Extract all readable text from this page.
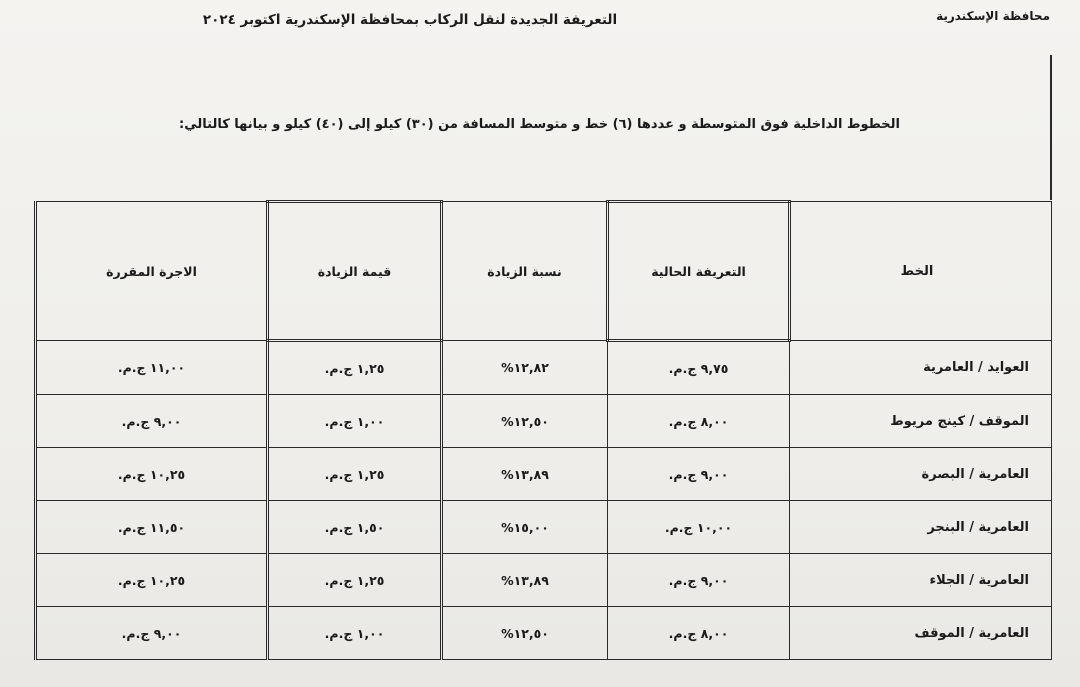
محافظة الإسكندرية
التعريفة الجديدة لنقل الركاب بمحافظة الإسكندرية اكتوبر ٢٠٢٤
الخطوط الداخلية فوق المتوسطة و عددها (٦) خط و متوسط المسافة من (٣٠) كيلو إلى (٤٠) كيلو و بيانها كالتالي:
الخط	التعريفة الحالية	نسبة الزيادة	قيمة الزيادة	الاجرة المقررة
العوايد / العامرية	٩,٧٥ ج.م.	١٢,٨٢%	١,٢٥ ج.م.	١١,٠٠ ج.م.
الموقف / كينج مريوط	٨,٠٠ ج.م.	١٢,٥٠%	١,٠٠ ج.م.	٩,٠٠ ج.م.
العامرية / البصرة	٩,٠٠ ج.م.	١٣,٨٩%	١,٢٥ ج.م.	١٠,٢٥ ج.م.
العامرية / البنجر	١٠,٠٠ ج.م.	١٥,٠٠%	١,٥٠ ج.م.	١١,٥٠ ج.م.
العامرية / الجلاء	٩,٠٠ ج.م.	١٣,٨٩%	١,٢٥ ج.م.	١٠,٢٥ ج.م.
العامرية / الموقف	٨,٠٠ ج.م.	١٢,٥٠%	١,٠٠ ج.م.	٩,٠٠ ج.م.
